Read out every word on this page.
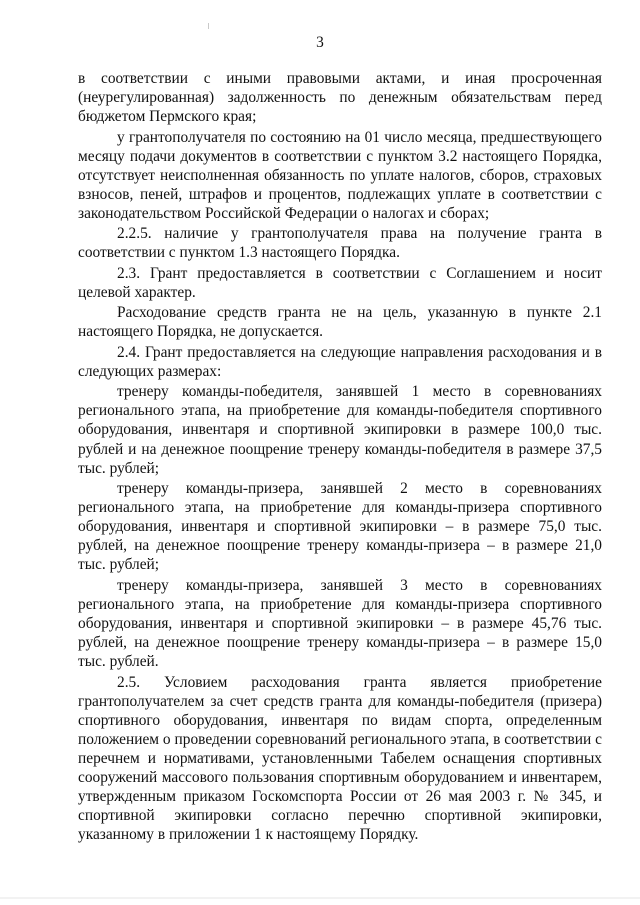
3

в соответствии с иными правовыми актами, и иная просроченная (неурегулированная) задолженность по денежным обязательствам перед бюджетом Пермского края;

у грантополучателя по состоянию на 01 число месяца, предшествующего месяцу подачи документов в соответствии с пунктом 3.2 настоящего Порядка, отсутствует неисполненная обязанность по уплате налогов, сборов, страховых взносов, пеней, штрафов и процентов, подлежащих уплате в соответствии с законодательством Российской Федерации о налогах и сборах;

2.2.5. наличие у грантополучателя права на получение гранта в соответствии с пунктом 1.3 настоящего Порядка.

2.3. Грант предоставляется в соответствии с Соглашением и носит целевой характер.

Расходование средств гранта не на цель, указанную в пункте 2.1 настоящего Порядка, не допускается.

2.4. Грант предоставляется на следующие направления расходования и в следующих размерах:

тренеру команды-победителя, занявшей 1 место в соревнованиях регионального этапа, на приобретение для команды-победителя спортивного оборудования, инвентаря и спортивной экипировки в размере 100,0 тыс. рублей и на денежное поощрение тренеру команды-победителя в размере 37,5 тыс. рублей;

тренеру команды-призера, занявшей 2 место в соревнованиях регионального этапа, на приобретение для команды-призера спортивного оборудования, инвентаря и спортивной экипировки – в размере 75,0 тыс. рублей, на денежное поощрение тренеру команды-призера – в размере 21,0 тыс. рублей;

тренеру команды-призера, занявшей 3 место в соревнованиях регионального этапа, на приобретение для команды-призера спортивного оборудования, инвентаря и спортивной экипировки – в размере 45,76 тыс. рублей, на денежное поощрение тренеру команды-призера – в размере 15,0 тыс. рублей.

2.5. Условием расходования гранта является приобретение грантополучателем за счет средств гранта для команды-победителя (призера) спортивного оборудования, инвентаря по видам спорта, определенным положением о проведении соревнований регионального этапа, в соответствии с перечнем и нормативами, установленными Табелем оснащения спортивных сооружений массового пользования спортивным оборудованием и инвентарем, утвержденным приказом Госкомспорта России от 26 мая 2003 г. № 345, и спортивной экипировки согласно перечню спортивной экипировки, указанному в приложении 1 к настоящему Порядку.
